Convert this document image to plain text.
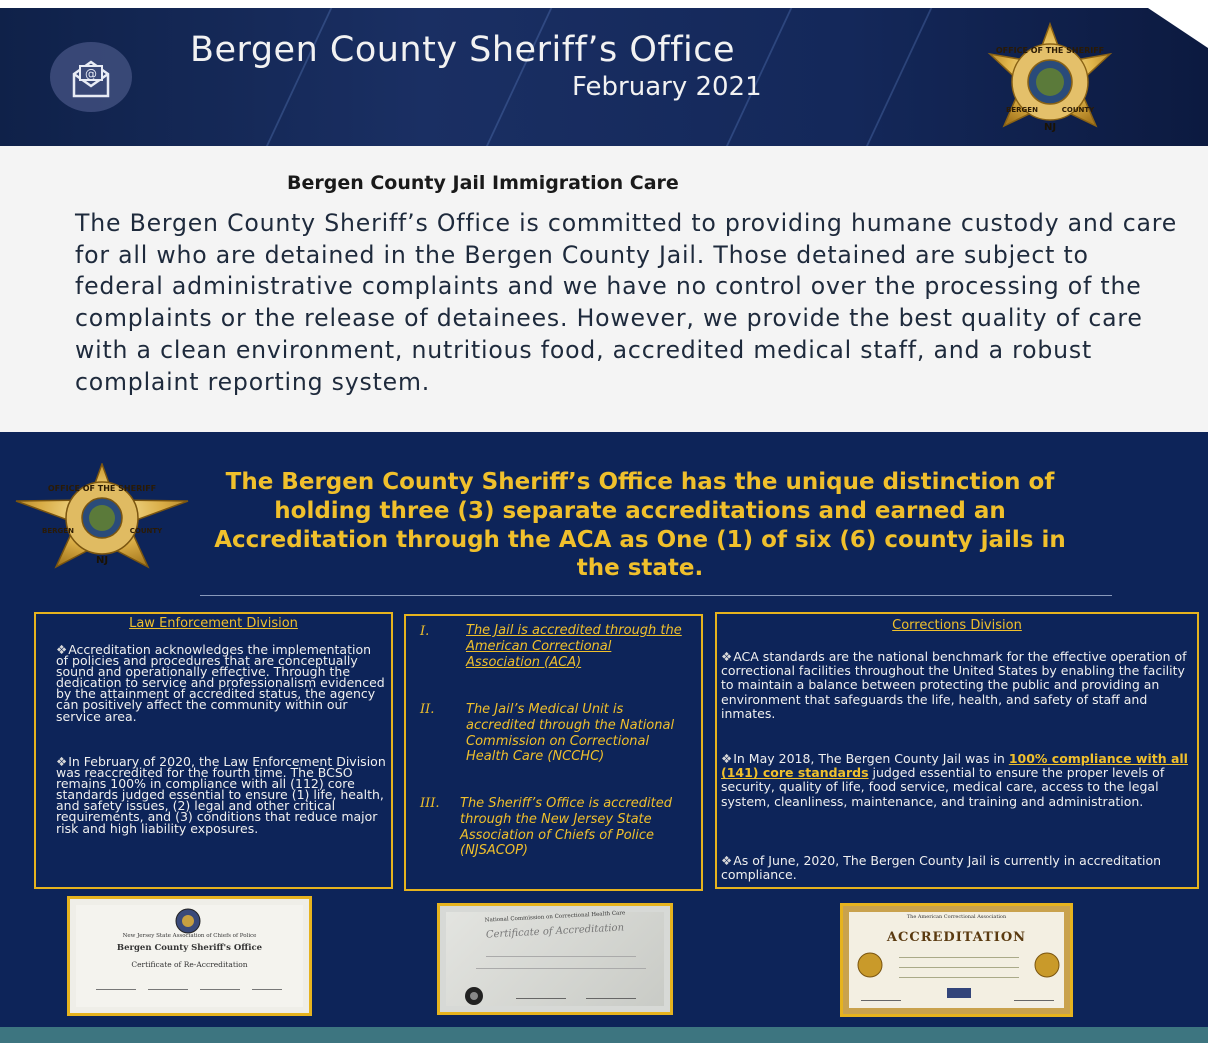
@
Bergen County Sheriff’s Office
February 2021
OFFICE OF THE SHERIFF
BERGEN	COUNTY
NJ
Bergen County Jail Immigration Care
The Bergen County Sheriff’s Office is committed to providing humane custody and care for all who are detained in the Bergen County Jail. Those detained are subject to federal administrative complaints and we have no control over the processing of the complaints or the release of detainees. However, we provide the best quality of care with a clean environment, nutritious food, accredited medical staff, and a robust complaint reporting system.
OFFICE OF THE SHERIFF
BERGEN	COUNTY
NJ
The Bergen County Sheriff’s Office has the unique distinction of holding three (3) separate accreditations and earned an Accreditation through the ACA as One (1) of six (6) county jails in the state.
Law Enforcement Division
❖Accreditation acknowledges the implementation of policies and procedures that are conceptually sound and operationally effective. Through the dedication to service and professionalism evidenced by the attainment of accredited status, the agency can positively affect the community within our service area.
❖In February of 2020, the Law Enforcement Division was reaccredited for the fourth time. The BCSO remains 100% in compliance with all (112) core standards judged essential to ensure (1) life, health, and safety issues, (2) legal and other critical requirements, and (3) conditions that reduce major risk and high liability exposures.
I.	The Jail is accredited through the American Correctional Association (ACA)
II. The Jail’s Medical Unit is accredited through the National Commission on Correctional Health Care (NCCHC)
III. The Sheriff’s Office is accredited through the New Jersey State Association of Chiefs of Police (NJSACOP)
Corrections Division
❖ACA standards are the national benchmark for the effective operation of correctional facilities throughout the United States by enabling the facility to maintain a balance between protecting the public and providing an environment that safeguards the life, health, and safety of staff and inmates.
❖In May 2018, The Bergen County Jail was in 100% compliance with all (141) core standards judged essential to ensure the proper levels of security, quality of life, food service, medical care, access to the legal system, cleanliness, maintenance, and training and administration.
❖As of June, 2020, The Bergen County Jail is currently in accreditation compliance.
New Jersey State Association of Chiefs of Police
Bergen County Sheriff's Office
Certificate of Re-Accreditation
National Commission on Correctional Health Care
Certificate of Accreditation
The American Correctional Association
ACCREDITATION
